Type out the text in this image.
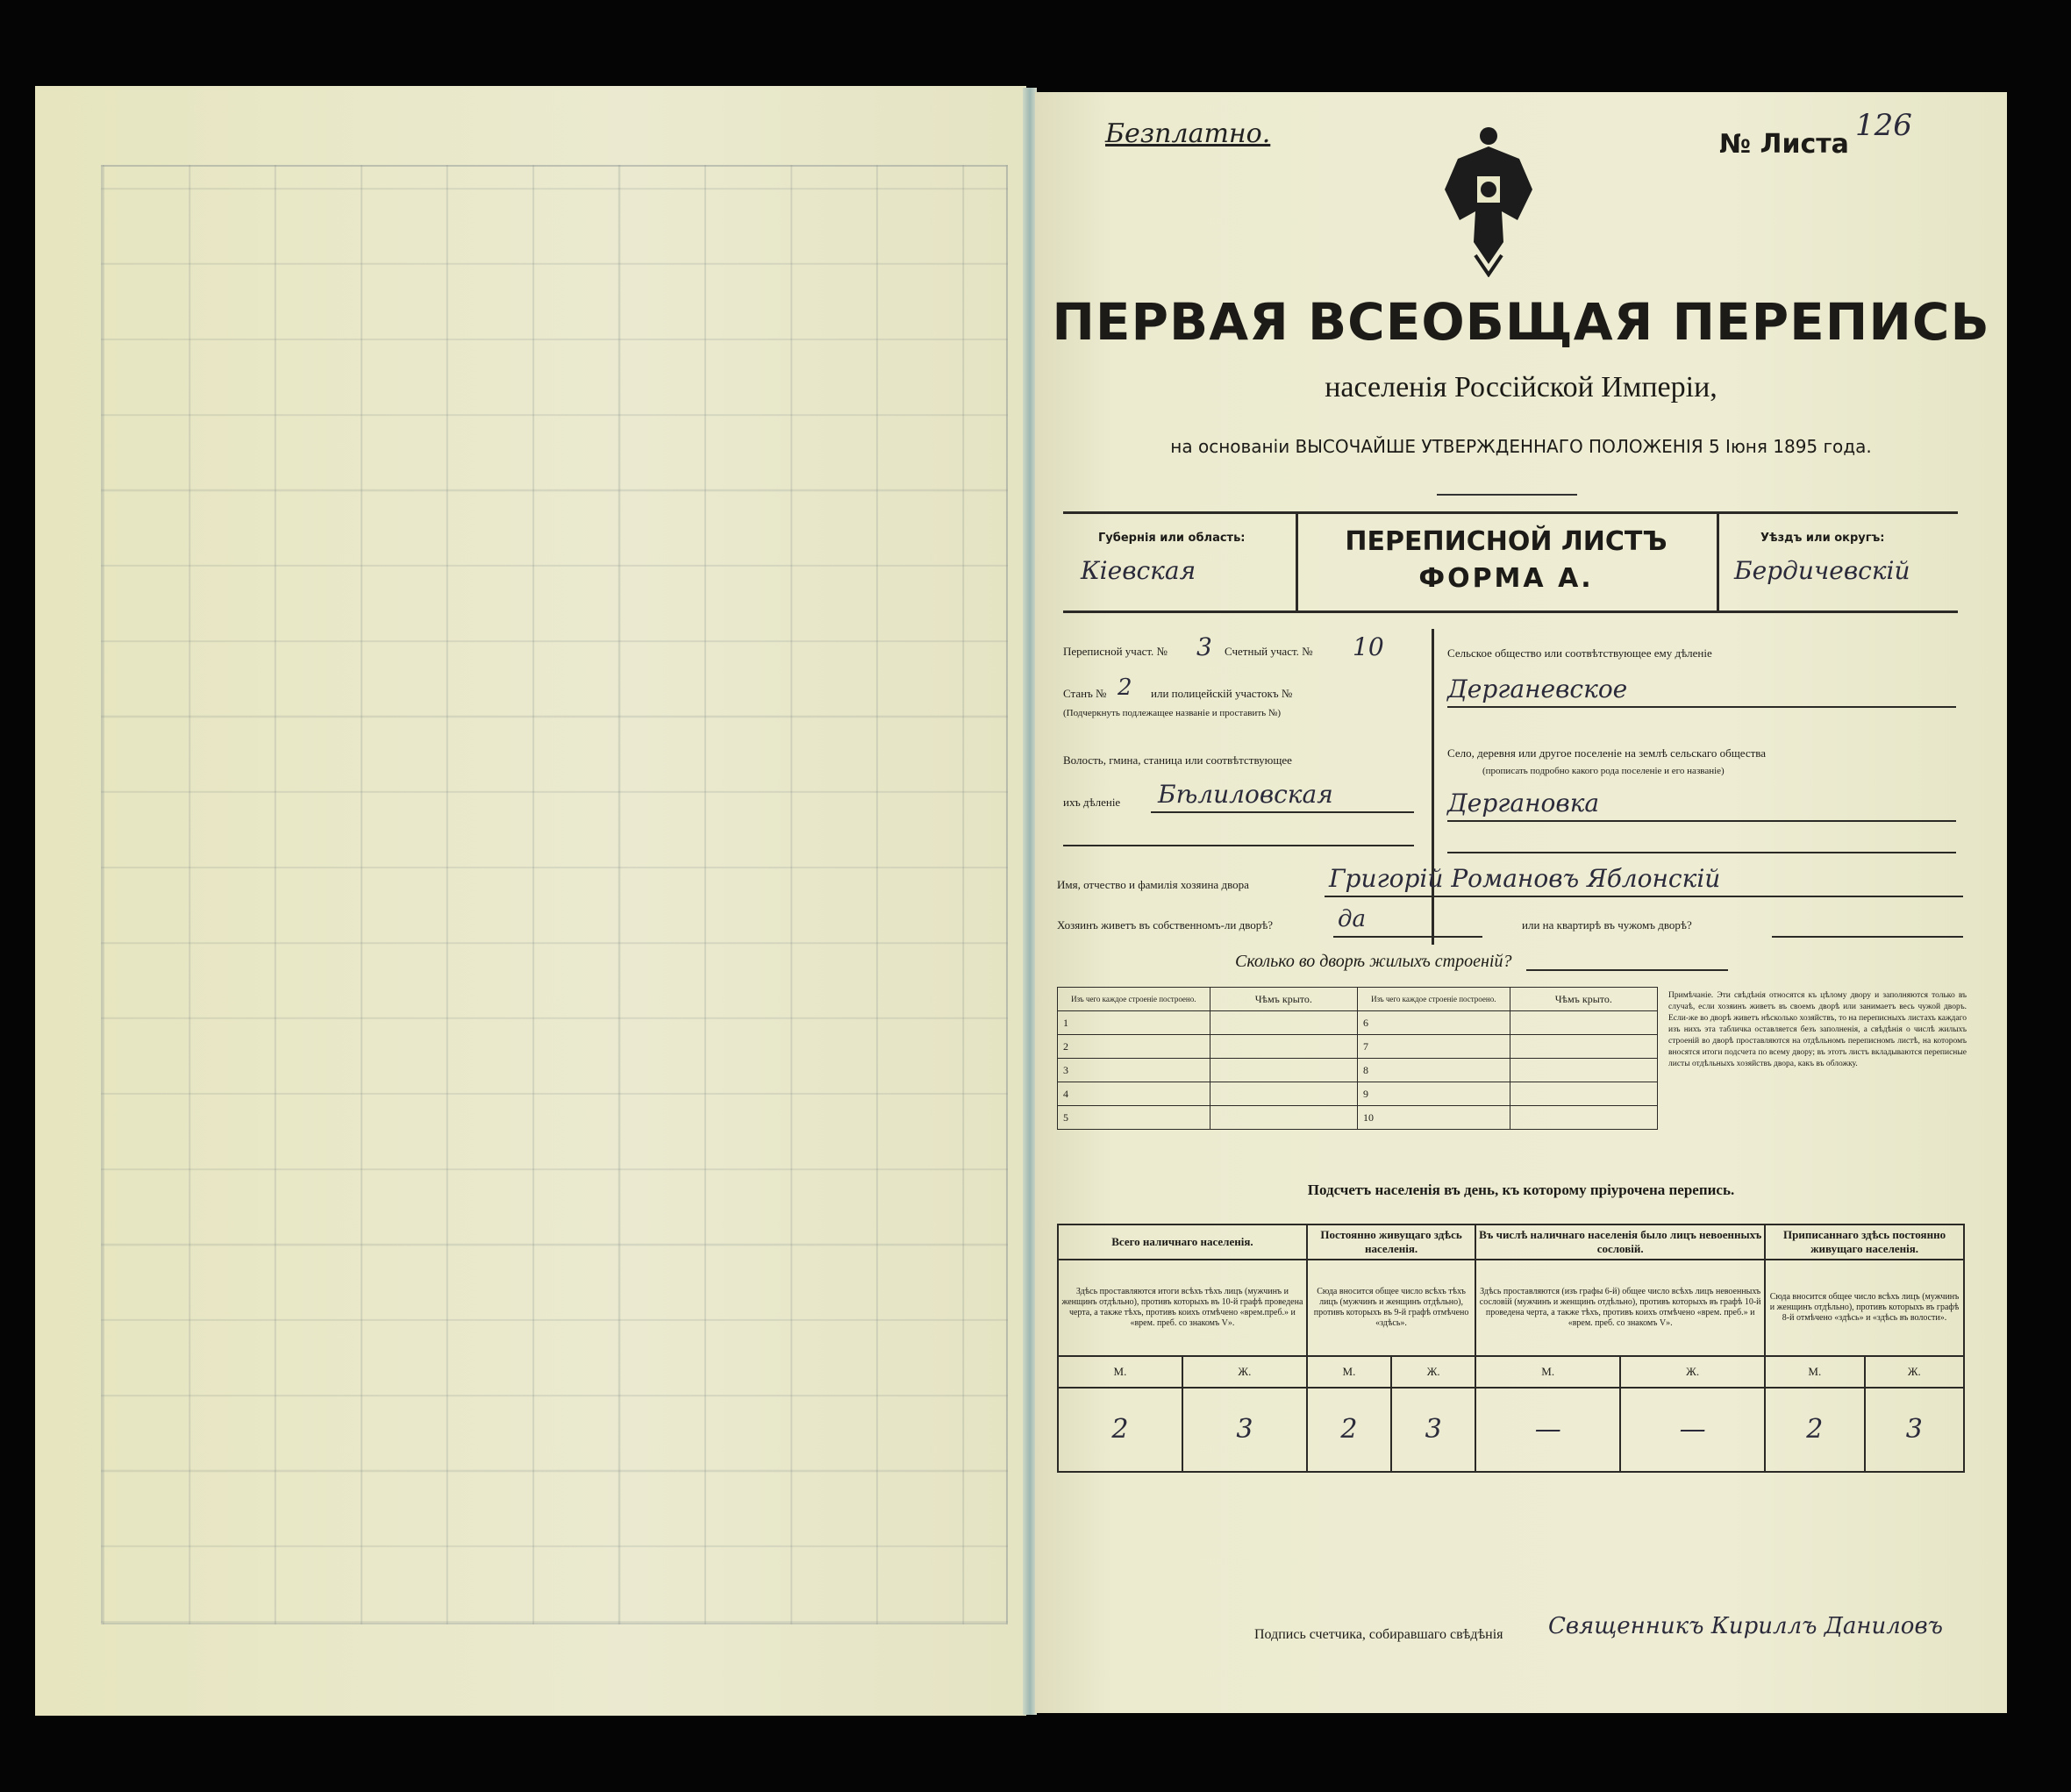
Безплатно.	№ Листа
126
ПЕРВАЯ ВСЕОБЩАЯ ПЕРЕПИСЬ
населенія Россійской Имперіи,
на основаніи ВЫСОЧАЙШЕ УТВЕРЖДЕННАГО ПОЛОЖЕНІЯ 5 Іюня 1895 года.
Губернія или область:
Кіевская
ПЕРЕПИСНОЙ ЛИСТЪ
ФОРМА А.
Уѣздъ или округъ:
Бердичевскій
Переписной участ. № 3 Счетный участ. № 10
Станъ № 2 или полицейскій участокъ №
(Подчеркнуть подлежащее названіе и проставить №)
Волость, гмина, станица или соотвѣтствующее
ихъ дѣленіе Бѣлиловская
Сельское общество или соотвѣтствующее ему дѣленіе
Дерганевское
Село, деревня или другое поселеніе на землѣ сельскаго общества
(прописать подробно какого рода поселеніе и его названіе)
Дергановка
Имя, отчество и фамилія хозяина двора	Григорій Романовъ Яблонскій
Хозяинъ живетъ въ собственномъ-ли дворѣ?	да	или на квартирѣ въ чужомъ дворѣ?
Сколько во дворѣ жилыхъ строеній?
Изъ чего каждое строеніе построено.	Чѣмъ крыто.	Изъ чего каждое строеніе построено.	Чѣмъ крыто.
1		6	
2		7	
3		8	
4		9	
5		10	
Примѣчаніе. Эти свѣдѣнія относятся къ цѣлому двору и заполняются только въ случаѣ, если хозяинъ живетъ въ своемъ дворѣ или занимаетъ весь чужой дворъ. Если-же во дворѣ живетъ нѣсколько хозяйствъ, то на переписныхъ листахъ каждаго изъ нихъ эта табличка оставляется безъ заполненія, а свѣдѣнія о числѣ жилыхъ строеній во дворѣ проставляются на отдѣльномъ переписномъ листѣ, на которомъ вносятся итоги подсчета по всему двору; въ этотъ листъ вкладываются переписные листы отдѣльныхъ хозяйствъ двора, какъ въ обложку.
Подсчетъ населенія въ день, къ которому пріурочена перепись.
Всего наличнаго населенія.		Постоянно живущаго здѣсь населенія.		Въ числѣ наличнаго населенія было лицъ невоенныхъ сословій.		Приписаннаго здѣсь постоянно живущаго населенія.	
Здѣсь проставляются итоги всѣхъ тѣхъ лицъ (мужчинъ и женщинъ отдѣльно), противъ которыхъ въ 10-й графѣ проведена черта, а также тѣхъ, противъ коихъ отмѣчено «врем.преб.» и «врем. преб. со знакомъ V».		Сюда вносится общее число всѣхъ тѣхъ лицъ (мужчинъ и женщинъ отдѣльно), противъ которыхъ въ 9-й графѣ отмѣчено «здѣсь».		Здѣсь проставляются (изъ графы 6-й) общее число всѣхъ лицъ невоенныхъ сословій (мужчинъ и женщинъ отдѣльно), противъ которыхъ въ графѣ 10-й проведена черта, а также тѣхъ, противъ коихъ отмѣчено «врем. преб.» и «врем. преб. со знакомъ V».		Сюда вносится общее число всѣхъ лицъ (мужчинъ и женщинъ отдѣльно), противъ которыхъ въ графѣ 8-й отмѣчено «здѣсь» и «здѣсь въ волости».	
М.	Ж.	М.	Ж.	М.	Ж.	М.	Ж.
2	3	2	3	—	—	2	3
Подпись счетчика, собиравшаго свѣдѣнія Священникъ Кириллъ Даниловъ
